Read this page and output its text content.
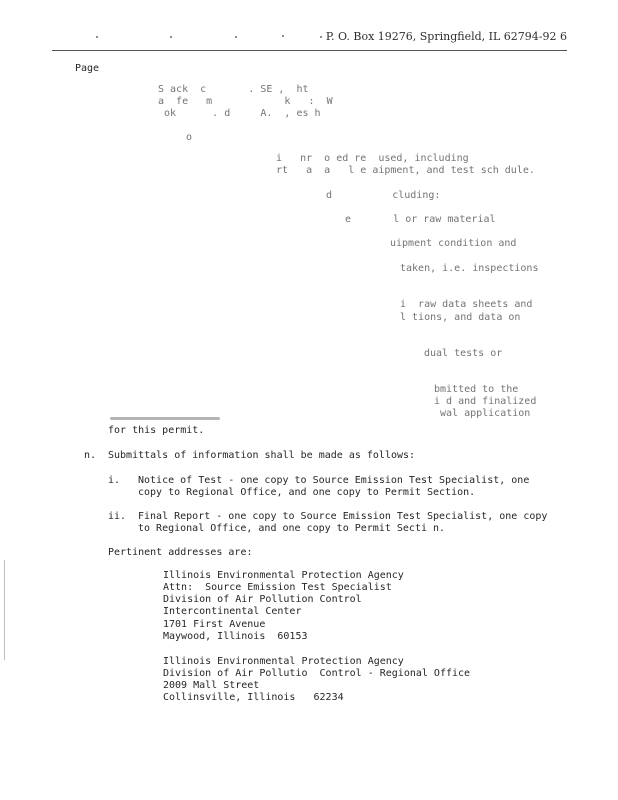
P. O. Box 19276, Springfield, IL 62794-92 6
Page
S ack  c       . SE ,  ht
a  fe   m            k   :  W
ok      . d     A.  , es h
o
i   nr  o ed re  used, including
rt   a  a   l e aipment, and test sch dule.
d          cluding:
e       l or raw material
uipment condition and
taken, i.e. inspections
i  raw data sheets and
l tions, and data on
dual tests or
bmitted to the
i d and finalized
wal application
for this permit.
n. Submittals of information shall be made as follows:
i. Notice of Test - one copy to Source Emission Test Specialist, one
copy to Regional Office, and one copy to Permit Section.
ii. Final Report - one copy to Source Emission Test Specialist, one copy
to Regional Office, and one copy to Permit Secti n.
Pertinent addresses are:
Illinois Environmental Protection Agency
Attn:  Source Emission Test Specialist
Division of Air Pollution Control
Intercontinental Center
1701 First Avenue
Maywood, Illinois  60153
Illinois Environmental Protection Agency
Division of Air Pollutio  Control - Regional Office
2009 Mall Street
Collinsville, Illinois   62234
